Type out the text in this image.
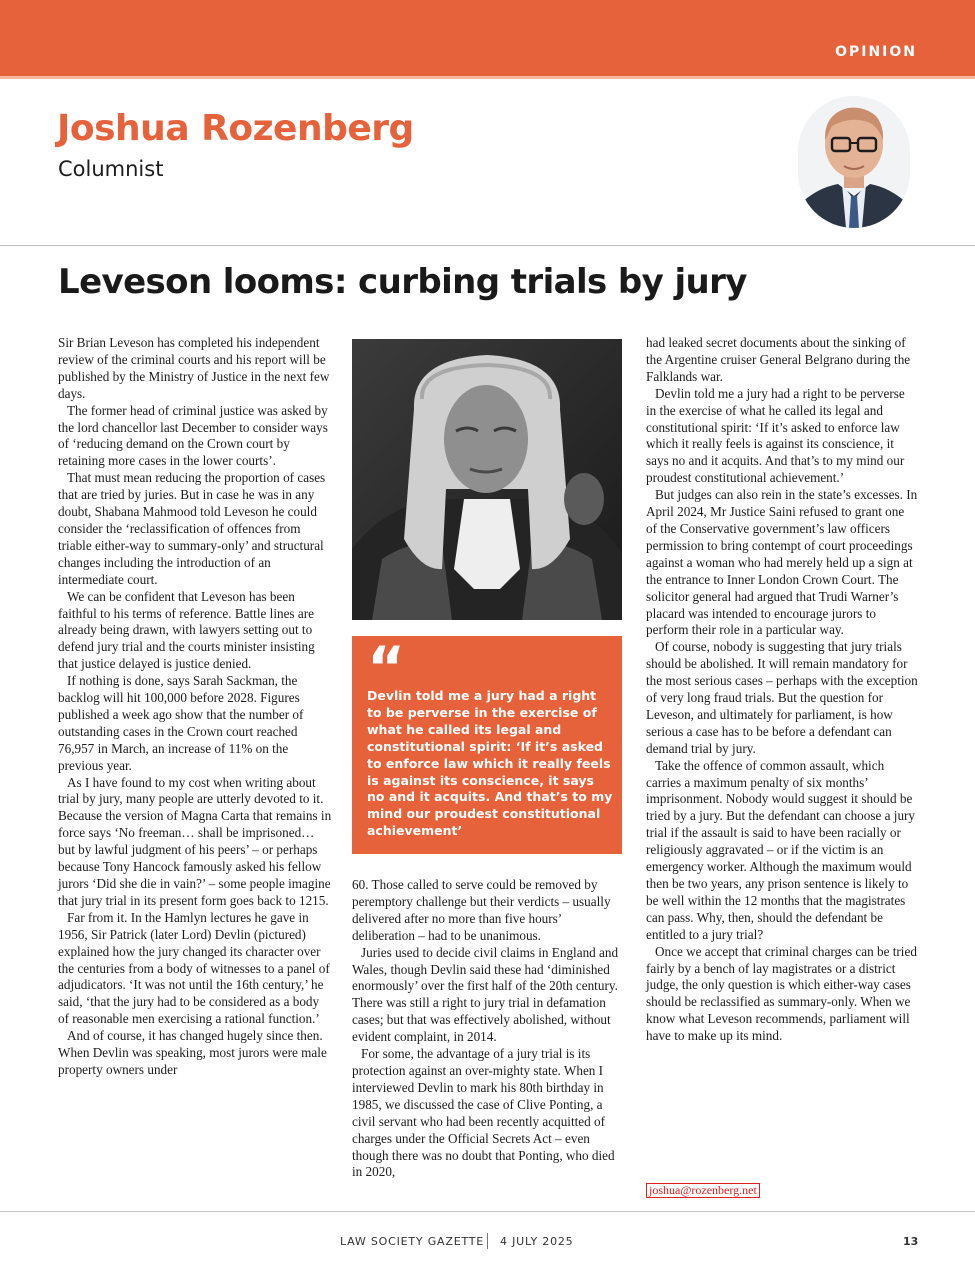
OPINION
Joshua Rozenberg
Columnist
Leveson looms: curbing trials by jury

Sir Brian Leveson has completed his independent review of the criminal courts and his report will be published by the Ministry of Justice in the next few days.

The former head of criminal justice was asked by the lord chancellor last December to consider ways of ‘reducing demand on the Crown court by retaining more cases in the lower courts’.

That must mean reducing the proportion of cases that are tried by juries. But in case he was in any doubt, Shabana Mahmood told Leveson he could consider the ‘reclassification of offences from triable either-way to summary-only’ and structural changes including the introduction of an intermediate court.

We can be confident that Leveson has been faithful to his terms of reference. Battle lines are already being drawn, with lawyers setting out to defend jury trial and the courts minister insisting that justice delayed is justice denied.

If nothing is done, says Sarah Sackman, the backlog will hit 100,000 before 2028. Figures published a week ago show that the number of outstanding cases in the Crown court reached 76,957 in March, an increase of 11% on the previous year.

As I have found to my cost when writing about trial by jury, many people are utterly devoted to it. Because the version of Magna Carta that remains in force says ‘No freeman… shall be imprisoned… but by lawful judgment of his peers’ – or perhaps because Tony Hancock famously asked his fellow jurors ‘Did she die in vain?’ – some people imagine that jury trial in its present form goes back to 1215.

Far from it. In the Hamlyn lectures he gave in 1956, Sir Patrick (later Lord) Devlin (pictured) explained how the jury changed its character over the centuries from a body of witnesses to a panel of adjudicators. ‘It was not until the 16th century,’ he said, ‘that the jury had to be considered as a body of reasonable men exercising a rational function.’

And of course, it has changed hugely since then. When Devlin was speaking, most jurors were male property owners under

“
Devlin told me a jury had a right to be perverse in the exercise of what he called its legal and constitutional spirit: ‘If it’s asked to enforce law which it really feels is against its conscience, it says no and it acquits. And that’s to my mind our proudest constitutional achievement’

60. Those called to serve could be removed by peremptory challenge but their verdicts – usually delivered after no more than five hours’ deliberation – had to be unanimous.

Juries used to decide civil claims in England and Wales, though Devlin said these had ‘diminished enormously’ over the first half of the 20th century. There was still a right to jury trial in defamation cases; but that was effectively abolished, without evident complaint, in 2014.

For some, the advantage of a jury trial is its protection against an over-mighty state. When I interviewed Devlin to mark his 80th birthday in 1985, we discussed the case of Clive Ponting, a civil servant who had been recently acquitted of charges under the Official Secrets Act – even though there was no doubt that Ponting, who died in 2020,

had leaked secret documents about the sinking of the Argentine cruiser General Belgrano during the Falklands war.

Devlin told me a jury had a right to be perverse in the exercise of what he called its legal and constitutional spirit: ‘If it’s asked to enforce law which it really feels is against its conscience, it says no and it acquits. And that’s to my mind our proudest constitutional achievement.’

But judges can also rein in the state’s excesses. In April 2024, Mr Justice Saini refused to grant one of the Conservative government’s law officers permission to bring contempt of court proceedings against a woman who had merely held up a sign at the entrance to Inner London Crown Court. The solicitor general had argued that Trudi Warner’s placard was intended to encourage jurors to perform their role in a particular way.

Of course, nobody is suggesting that jury trials should be abolished. It will remain mandatory for the most serious cases – perhaps with the exception of very long fraud trials. But the question for Leveson, and ultimately for parliament, is how serious a case has to be before a defendant can demand trial by jury.

Take the offence of common assault, which carries a maximum penalty of six months’ imprisonment. Nobody would suggest it should be tried by a jury. But the defendant can choose a jury trial if the assault is said to have been racially or religiously aggravated – or if the victim is an emergency worker. Although the maximum would then be two years, any prison sentence is likely to be well within the 12 months that the magistrates can pass. Why, then, should the defendant be entitled to a jury trial?

Once we accept that criminal charges can be tried fairly by a bench of lay magistrates or a district judge, the only question is which either-way cases should be reclassified as summary-only. When we know what Leveson recommends, parliament will have to make up its mind.

joshua@rozenberg.net
LAW SOCIETY GAZETTE 4 JULY 2025	13
